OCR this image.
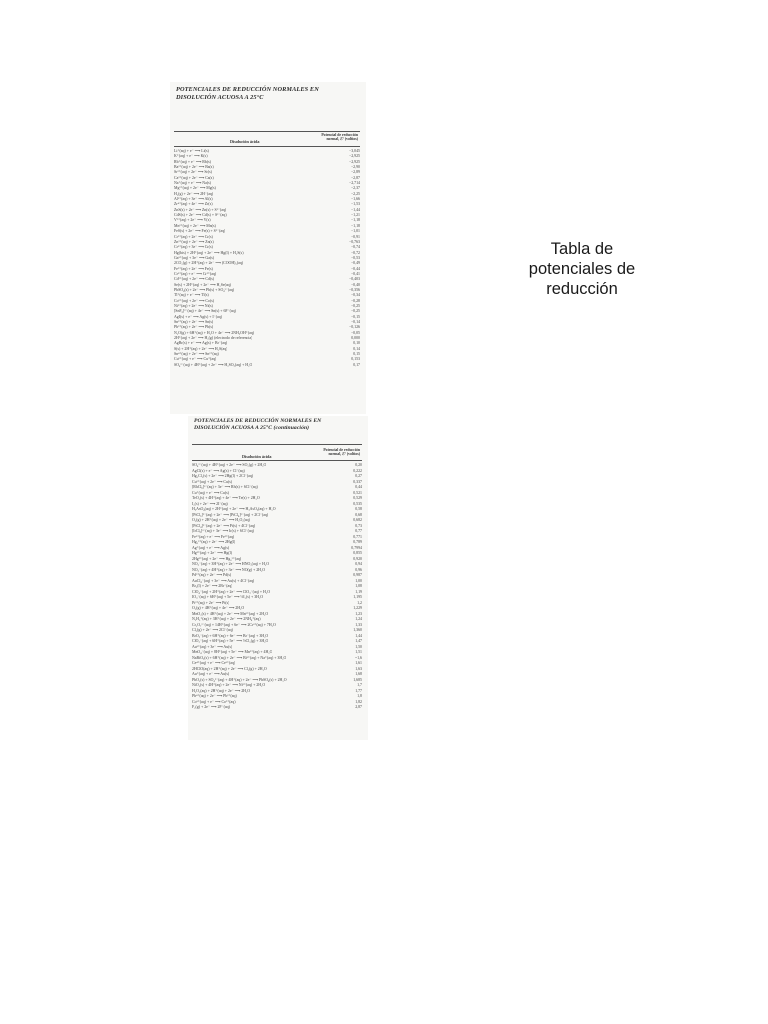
POTENCIALES DE REDUCCIÓN NORMALES EN
DISOLUCIÓN ACUOSA A 25°C
Disolución ácida
Potencial de reducción
normal, ℰ° (voltios)
Li⁺(aq) + e⁻ ⟶ Li(s)	−3,045
K⁺(aq) + e⁻ ⟶ K(s)	−2,925
Rb⁺(aq) + e⁻ ⟶ Rb(s)	−2,925
Ba²⁺(aq) + 2e⁻ ⟶ Ba(s)	−2,90
Sr²⁺(aq) + 2e⁻ ⟶ Sr(s)	−2,89
Ca²⁺(aq) + 2e⁻ ⟶ Ca(s)	−2,87
Na⁺(aq) + e⁻ ⟶ Na(s)	−2,714
Mg²⁺(aq) + 2e⁻ ⟶ Mg(s)	−2,37
H₂(g) + 2e⁻ ⟶ 2H⁻(aq)	−2,25
Al³⁺(aq) + 3e⁻ ⟶ Al(s)	−1,66
Zr⁴⁺(aq) + 4e⁻ ⟶ Zr(s)	−1,53
ZnS(s) + 2e⁻ ⟶ Zn(s) + S²⁻(aq)	−1,44
CdS(s) + 2e⁻ ⟶ Cd(s) + S²⁻(aq)	−1,21
V²⁺(aq) + 2e⁻ ⟶ V(s)	−1,18
Mn²⁺(aq) + 2e⁻ ⟶ Mn(s)	−1,18
FeS(s) + 2e⁻ ⟶ Fe(s) + S²⁻(aq)	−1,01
Cr²⁺(aq) + 2e⁻ ⟶ Cr(s)	−0,91
Zn²⁺(aq) + 2e⁻ ⟶ Zn(s)	−0,763
Cr³⁺(aq) + 3e⁻ ⟶ Cr(s)	−0,74
Hg(bis) + 2H⁺(aq) + 2e⁻ ⟶ Hg(l) + H₂S(s)	−0,72
Ga³⁺(aq) + 3e⁻ ⟶ Ga(s)	−0,53
2CO₂(g) + 2H⁺(aq) + 2e⁻ ⟶ (COOH)₂(aq)	−0,49
Fe²⁺(aq) + 2e⁻ ⟶ Fe(s)	−0,44
Cr³⁺(aq) + e⁻ ⟶ Cr²⁺(aq)	−0,41
Cd²⁺(aq) + 2e⁻ ⟶ Cd(s)	−0,403
Se(s) + 2H⁺(aq) + 2e⁻ ⟶ H₂Se(aq)	−0,40
PbSO₄(s) + 2e⁻ ⟶ Pb(s) + SO₄²⁻(aq)	−0,356
Tl⁺(aq) + e⁻ ⟶ Tl(s)	−0,34
Co²⁺(aq) + 2e⁻ ⟶ Co(s)	−0,28
Ni²⁺(aq) + 2e⁻ ⟶ Ni(s)	−0,25
[SnF₆]²⁻(aq) + 4e⁻ ⟶ Sn(s) + 6F⁻(aq)	−0,25
AgI(s) + e⁻ ⟶ Ag(s) + I⁻(aq)	−0,15
Sn²⁺(aq) + 2e⁻ ⟶ Sn(s)	−0,14
Pb²⁺(aq) + 2e⁻ ⟶ Pb(s)	−0,126
N₂O(g) + 6H⁺(aq) + H₂O + 4e⁻ ⟶ 2NH₃OH⁺(aq)	−0,05
2H⁺(aq) + 2e⁻ ⟶ H₂(g) (electrodo de referencia)	0,000
AgBr(s) + e⁻ ⟶ Ag(s) + Br⁻(aq)	0,10
S(s) + 2H⁺(aq) + 2e⁻ ⟶ H₂S(aq)	0,14
Sn⁴⁺(aq) + 2e⁻ ⟶ Sn²⁺(aq)	0,15
Cu²⁺(aq) + e⁻ ⟶ Cu⁺(aq)	0,153
SO₄²⁻(aq) + 4H⁺(aq) + 2e⁻ ⟶ H₂SO₃(aq) + H₂O	0,17
POTENCIALES DE REDUCCIÓN NORMALES EN
DISOLUCIÓN ACUOSA A 25°C (continuación)
Disolución ácida
Potencial de reducción
normal, ℰ° (voltios)
SO₄²⁻(aq) + 4H⁺(aq) + 2e⁻ ⟶ SO₂(g) + 2H₂O	0,20
AgCl(s) + e⁻ ⟶ Ag(s) + Cl⁻(aq)	0,222
Hg₂Cl₂(s) + 2e⁻ ⟶ 2Hg(l) + 2Cl⁻(aq)	0,27
Cu²⁺(aq) + 2e⁻ ⟶ Cu(s)	0,337
[RhCl₆]³⁻(aq) + 3e⁻ ⟶ Rh(s) + 6Cl⁻(aq)	0,44
Cu⁺(aq) + e⁻ ⟶ Cu(s)	0,521
TeO₂(s) + 4H⁺(aq) + 4e⁻ ⟶ Te(s) + 2H₂O	0,529
I₂(s) + 2e⁻ ⟶ 2I⁻(aq)	0,535
H₃AsO₄(aq) + 2H⁺(aq) + 2e⁻ ⟶ H₃AsO₃(aq) + H₂O	0,58
[PtCl₆]²⁻(aq) + 2e⁻ ⟶ [PtCl₄]²⁻(aq) + 2Cl⁻(aq)	0,68
O₂(g) + 2H⁺(aq) + 2e⁻ ⟶ H₂O₂(aq)	0,682
[PtCl₄]²⁻(aq) + 2e⁻ ⟶ Pt(s) + 4Cl⁻(aq)	0,73
[IrCl₆]³⁻(aq) + 3e⁻ ⟶ Ir(s) + 6Cl⁻(aq)	0,77
Fe³⁺(aq) + e⁻ ⟶ Fe²⁺(aq)	0,771
Hg₂²⁺(aq) + 2e⁻ ⟶ 2Hg(l)	0,789
Ag⁺(aq) + e⁻ ⟶ Ag(s)	0,7994
Hg²⁺(aq) + 2e⁻ ⟶ Hg(l)	0,855
2Hg²⁺(aq) + 2e⁻ ⟶ Hg₂²⁺(aq)	0,920
NO₃⁻(aq) + 3H⁺(aq) + 2e⁻ ⟶ HNO₂(aq) + H₂O	0,94
NO₃⁻(aq) + 4H⁺(aq) + 3e⁻ ⟶ NO(g) + 2H₂O	0,96
Pd²⁺(aq) + 2e⁻ ⟶ Pd(s)	0,987
AuCl₄⁻(aq) + 3e⁻ ⟶ Au(s) + 4Cl⁻(aq)	1,00
Br₂(l) + 2e⁻ ⟶ 2Br⁻(aq)	1,08
ClO₄⁻(aq) + 2H⁺(aq) + 2e⁻ ⟶ ClO₃⁻(aq) + H₂O	1,19
IO₃⁻(aq) + 6H⁺(aq) + 5e⁻ ⟶ ½I₂(s) + 3H₂O	1,195
Pt²⁺(aq) + 2e⁻ ⟶ Pt(s)	1,2
O₂(g) + 4H⁺(aq) + 4e⁻ ⟶ 2H₂O	1,229
MnO₂(s) + 4H⁺(aq) + 2e⁻ ⟶ Mn²⁺(aq) + 2H₂O	1,23
N₂H₅⁺(aq) + 3H⁺(aq) + 2e⁻ ⟶ 2NH₄⁺(aq)	1,24
Cr₂O₇²⁻(aq) + 14H⁺(aq) + 6e⁻ ⟶ 2Cr³⁺(aq) + 7H₂O	1,33
Cl₂(g) + 2e⁻ ⟶ 2Cl⁻(aq)	1,360
BrO₃⁻(aq) + 6H⁺(aq) + 6e⁻ ⟶ Br⁻(aq) + 3H₂O	1,44
ClO₃⁻(aq) + 6H⁺(aq) + 5e⁻ ⟶ ½Cl₂(g) + 3H₂O	1,47
Au³⁺(aq) + 3e⁻ ⟶ Au(s)	1,50
MnO₄⁻(aq) + 8H⁺(aq) + 5e⁻ ⟶ Mn²⁺(aq) + 4H₂O	1,51
NaBiO₃(s) + 6H⁺(aq) + 2e⁻ ⟶ Bi³⁺(aq) + Na⁺(aq) + 3H₂O	~1,6
Ce⁴⁺(aq) + e⁻ ⟶ Ce³⁺(aq)	1,61
2HClO(aq) + 2H⁺(aq) + 2e⁻ ⟶ Cl₂(g) + 2H₂O	1,63
Au⁺(aq) + e⁻ ⟶ Au(s)	1,68
PbO₂(s) + SO₄²⁻(aq) + 4H⁺(aq) + 2e⁻ ⟶ PbSO₄(s) + 2H₂O	1,685
NiO₂(s) + 4H⁺(aq) + 2e⁻ ⟶ Ni²⁺(aq) + 2H₂O	1,7
H₂O₂(aq) + 2H⁺(aq) + 2e⁻ ⟶ 2H₂O	1,77
Pb⁴⁺(aq) + 2e⁻ ⟶ Pb²⁺(aq)	1,8
Co³⁺(aq) + e⁻ ⟶ Co²⁺(aq)	1,82
F₂(g) + 2e⁻ ⟶ 2F⁻(aq)	2,87
Tabla de
potenciales de
reducción
